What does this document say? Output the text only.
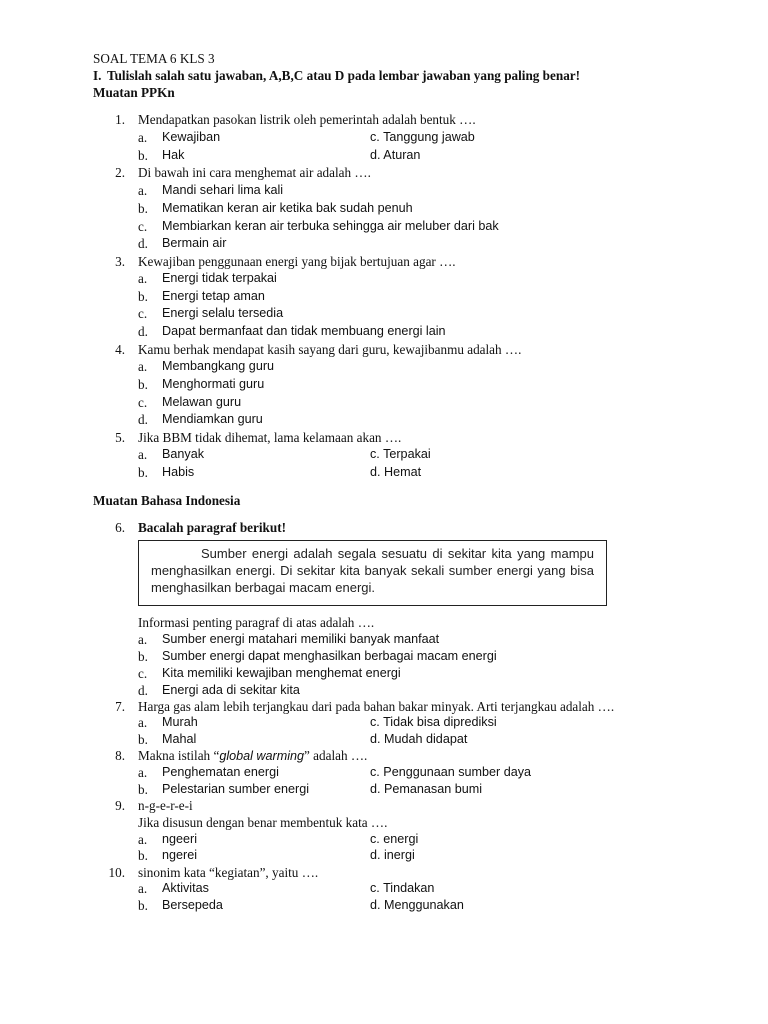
SOAL TEMA 6 KLS 3
I. Tulislah salah satu jawaban, A,B,C atau D pada lembar jawaban yang paling benar!
Muatan PPKn
1. Mendapatkan pasokan listrik oleh pemerintah adalah bentuk ….
a. Kewajiban	c. Tanggung jawab
b. Hak	d. Aturan
2. Di bawah ini cara menghemat air adalah ….
a. Mandi sehari lima kali
b. Mematikan keran air ketika bak sudah penuh
c. Membiarkan keran air terbuka sehingga air meluber dari bak
d. Bermain air
3. Kewajiban penggunaan energi yang bijak bertujuan agar ….
a. Energi tidak terpakai
b. Energi tetap aman
c. Energi selalu tersedia
d. Dapat bermanfaat dan tidak membuang energi lain
4. Kamu berhak mendapat kasih sayang dari guru, kewajibanmu adalah ….
a. Membangkang guru
b. Menghormati guru
c. Melawan guru
d. Mendiamkan guru
5. Jika BBM tidak dihemat, lama kelamaan akan ….
a. Banyak	c. Terpakai
b. Habis	d. Hemat
Muatan Bahasa Indonesia
6. Bacalah paragraf berikut!
Sumber energi adalah segala sesuatu di sekitar kita yang mampu menghasilkan energi. Di sekitar kita banyak sekali sumber energi yang bisa menghasilkan berbagai macam energi.
Informasi penting paragraf di atas adalah ….
a. Sumber energi matahari memiliki banyak manfaat
b. Sumber energi dapat menghasilkan berbagai macam energi
c. Kita memiliki kewajiban menghemat energi
d. Energi ada di sekitar kita
7. Harga gas alam lebih terjangkau dari pada bahan bakar minyak. Arti terjangkau adalah ….
a. Murah	c. Tidak bisa diprediksi
b. Mahal	d. Mudah didapat
8. Makna istilah “global warming” adalah ….
a. Penghematan energi	c. Penggunaan sumber daya
b. Pelestarian sumber energi	d. Pemanasan bumi
9. n-g-e-r-e-i
Jika disusun dengan benar membentuk kata ….
a. ngeeri	c. energi
b. ngerei	d. inergi
10. sinonim kata “kegiatan”, yaitu ….
a. Aktivitas	c. Tindakan
b. Bersepeda	d. Menggunakan
